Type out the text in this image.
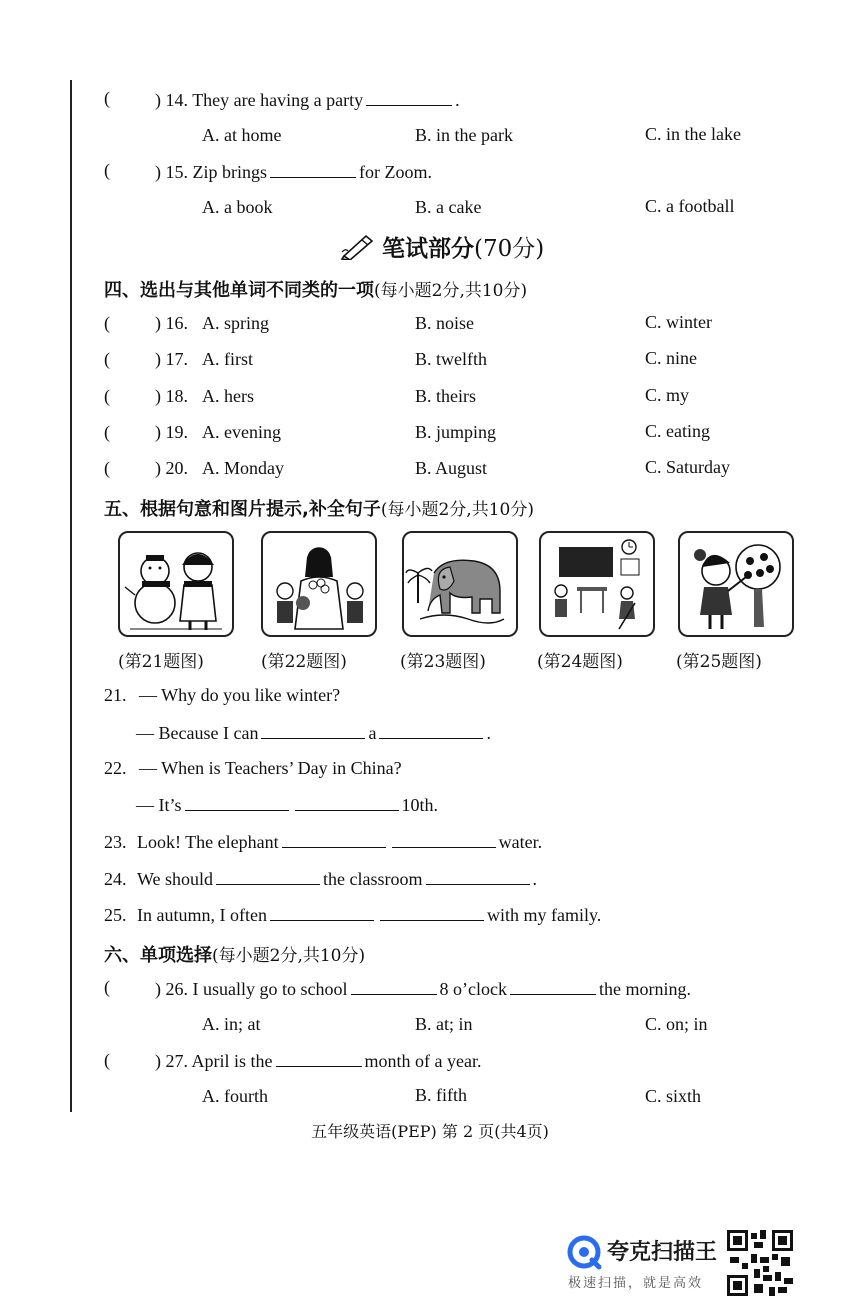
(	) 14. They are having a party	.
A. at home	B. in the park	C. in the lake
(	) 15. Zip brings	for Zoom.
A. a book	B. a cake	C. a football
笔试部分(70分)
四、选出与其他单词不同类的一项(每小题2分,共10分)
(	) 16. A. spring	B. noise	C. winter
(	) 17. A. first	B. twelfth	C. nine
(	) 18. A. hers	B. theirs	C. my
(	) 19. A. evening	B. jumping	C. eating
(	) 20. A. Monday	B. August	C. Saturday
五、根据句意和图片提示,补全句子(每小题2分,共10分)
(第21题图)	(第22题图)	(第23题图)	(第24题图)	(第25题图)
21. — Why do you like winter?
— Because I can	a	.
22. — When is Teachers’ Day in China?
— It’s	10th.
23. Look! The elephant	water.
24. We should	the classroom	.
25. In autumn, I often	with my family.
六、单项选择(每小题2分,共10分)
(	) 26. I usually go to school	8 o’clock	the morning.
A. in; at	B. at; in	C. on; in
(	) 27. April is the	month of a year.
A. fourth	B. fifth	C. sixth
五年级英语(PEP) 第 2 页(共4页)
夸克扫描王
极速扫描，就是高效
